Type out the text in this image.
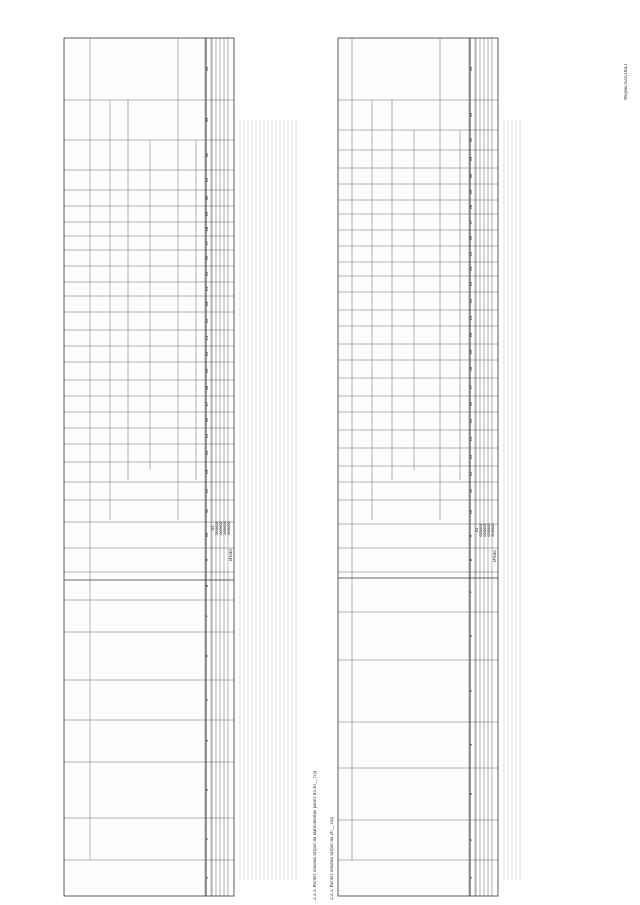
Форма 0505184.1
2.2.3. Расчет объема затрат на 20__ год
2.3.3. Расчет объема затрат на выполнение работ на 20__ год
1
2
3
4
5
6
7
8
9
10
11
12
13
14
15
16
17
18
19
20
21
22
23
24
25
26
27
28
29
30
31
32
33
34
01 000001 000002 000003 900000
Итого
1
2
3
4
5
6
7
8
9
10
11
12
13
14
15
16
17
18
19
20
21
22
23
24
25
26
27
28
29
30
31
32
33
34
01 000001 000002 000003 900000
Итого
